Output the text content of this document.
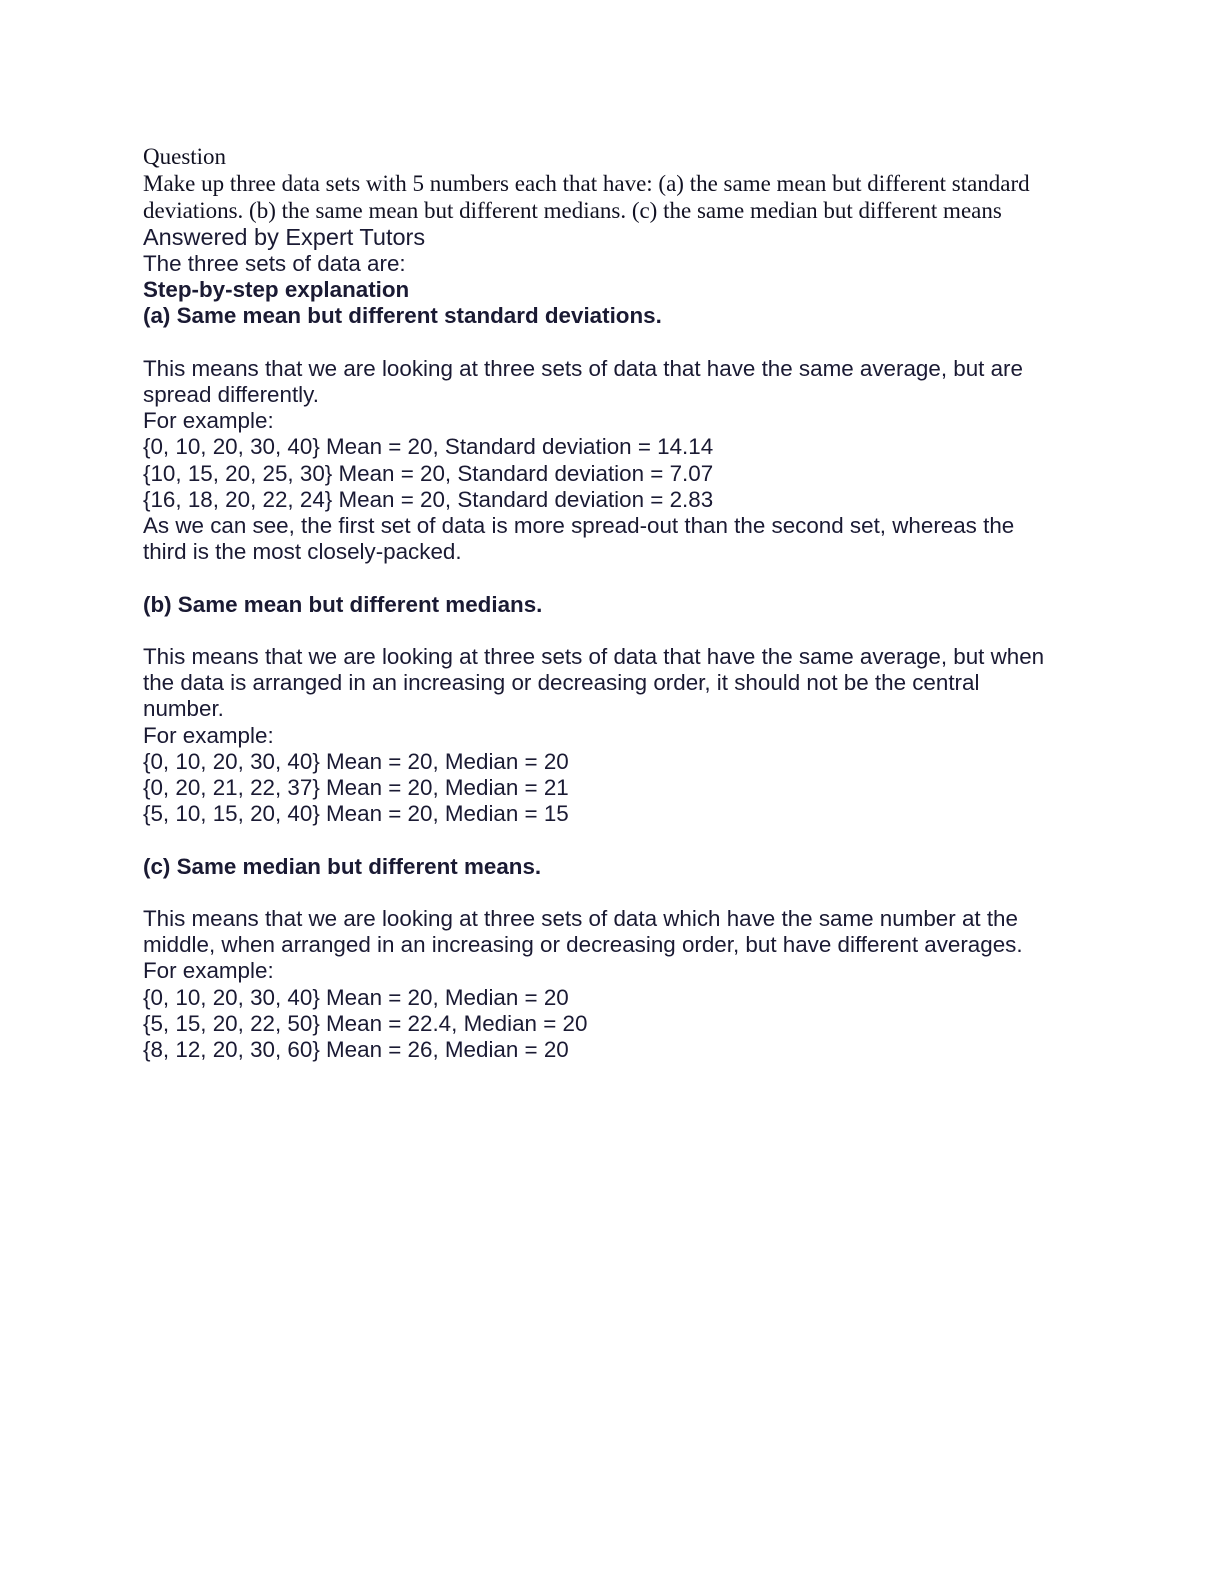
Question
Make up three data sets with 5 numbers each that have: (a) the same mean but different standard
deviations. (b) the same mean but different medians. (c) the same median but different means
Answered by Expert Tutors
The three sets of data are:
Step-by-step explanation
(a) Same mean but different standard deviations.
This means that we are looking at three sets of data that have the same average, but are
spread differently.
For example:
{0, 10, 20, 30, 40} Mean = 20, Standard deviation = 14.14
{10, 15, 20, 25, 30} Mean = 20, Standard deviation = 7.07
{16, 18, 20, 22, 24} Mean = 20, Standard deviation = 2.83
As we can see, the first set of data is more spread-out than the second set, whereas the
third is the most closely-packed.
(b) Same mean but different medians.
This means that we are looking at three sets of data that have the same average, but when
the data is arranged in an increasing or decreasing order, it should not be the central
number.
For example:
{0, 10, 20, 30, 40} Mean = 20, Median = 20
{0, 20, 21, 22, 37} Mean = 20, Median = 21
{5, 10, 15, 20, 40} Mean = 20, Median = 15
(c) Same median but different means.
This means that we are looking at three sets of data which have the same number at the
middle, when arranged in an increasing or decreasing order, but have different averages.
For example:
{0, 10, 20, 30, 40} Mean = 20, Median = 20
{5, 15, 20, 22, 50} Mean = 22.4, Median = 20
{8, 12, 20, 30, 60} Mean = 26, Median = 20
